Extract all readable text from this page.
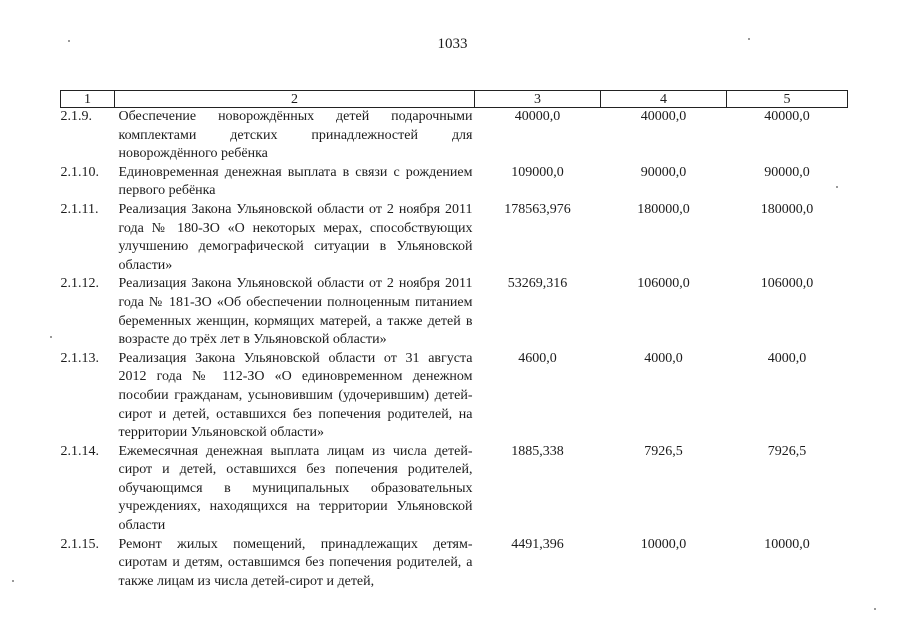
1033
1	2	3	4	5
2.1.9.	Обеспечение новорождённых детей подарочными комплектами детских принадлежностей для новорождённого ребёнка	40000,0	40000,0	40000,0
2.1.10.	Единовременная денежная выплата в связи с рождением первого ребёнка	109000,0	90000,0	90000,0
2.1.11.	Реализация Закона Ульяновской области от 2 ноября 2011 года № 180-ЗО «О некоторых мерах, способствующих улучшению демографической ситуации в Ульяновской области»	178563,976	180000,0	180000,0
2.1.12.	Реализация Закона Ульяновской области от 2 ноября 2011 года № 181-ЗО «Об обеспечении полноценным питанием беременных женщин, кормящих матерей, а также детей в возрасте до трёх лет в Ульяновской области»	53269,316	106000,0	106000,0
2.1.13.	Реализация Закона Ульяновской области от 31 августа 2012 года № 112-ЗО «О единовременном денежном пособии гражданам, усыновившим (удочерившим) детей-сирот и детей, оставшихся без попечения родителей, на территории Ульяновской области»	4600,0	4000,0	4000,0
2.1.14.	Ежемесячная денежная выплата лицам из числа детей-сирот и детей, оставшихся без попечения родителей, обучающимся в муниципальных образовательных учреждениях, находящихся на территории Ульяновской области	1885,338	7926,5	7926,5
2.1.15.	Ремонт жилых помещений, принадлежащих детям-сиротам и детям, оставшимся без попечения родителей, а также лицам из числа детей-сирот и детей,	4491,396	10000,0	10000,0
